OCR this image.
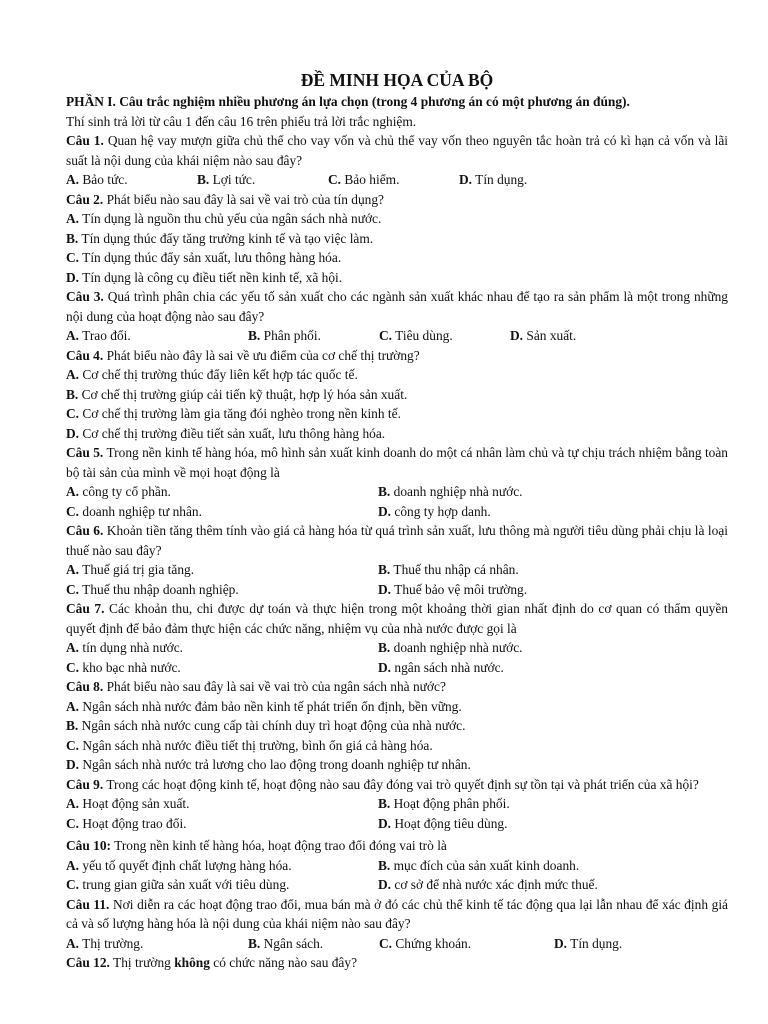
ĐỀ MINH HỌA CỦA BỘ

PHẦN I. Câu trắc nghiệm nhiều phương án lựa chọn (trong 4 phương án có một phương án đúng).

Thí sinh trả lời từ câu 1 đến câu 16 trên phiếu trả lời trắc nghiệm.

Câu 1. Quan hệ vay mượn giữa chủ thể cho vay vốn và chủ thể vay vốn theo nguyên tắc hoàn trả có kì hạn cả vốn và lãi suất là nội dung của khái niệm nào sau đây?

A. Bảo tức.	B. Lợi tức.	C. Bảo hiểm.	D. Tín dụng.

Câu 2. Phát biểu nào sau đây là sai về vai trò của tín dụng?

A. Tín dụng là nguồn thu chủ yếu của ngân sách nhà nước.

B. Tín dụng thúc đẩy tăng trưởng kinh tế và tạo việc làm.

C. Tín dụng thúc đẩy sản xuất, lưu thông hàng hóa.

D. Tín dụng là công cụ điều tiết nền kinh tế, xã hội.

Câu 3. Quá trình phân chia các yếu tố sản xuất cho các ngành sản xuất khác nhau để tạo ra sản phẩm là một trong những nội dung của hoạt động nào sau đây?

A. Trao đổi.	B. Phân phối.	C. Tiêu dùng.	D. Sản xuất.

Câu 4. Phát biểu nào đây là sai về ưu điểm của cơ chế thị trường?

A. Cơ chế thị trường thúc đẩy liên kết hợp tác quốc tế.

B. Cơ chế thị trường giúp cải tiến kỹ thuật, hợp lý hóa sản xuất.

C. Cơ chế thị trường làm gia tăng đói nghèo trong nền kinh tế.

D. Cơ chế thị trường điều tiết sản xuất, lưu thông hàng hóa.

Câu 5. Trong nền kinh tế hàng hóa, mô hình sản xuất kinh doanh do một cá nhân làm chủ và tự chịu trách nhiệm bằng toàn bộ tài sản của mình về mọi hoạt động là

A. công ty cổ phần.	B. doanh nghiệp nhà nước.
C. doanh nghiệp tư nhân.	D. công ty hợp danh.

Câu 6. Khoản tiền tăng thêm tính vào giá cả hàng hóa từ quá trình sản xuất, lưu thông mà người tiêu dùng phải chịu là loại thuế nào sau đây?

A. Thuế giá trị gia tăng.	B. Thuế thu nhập cá nhân.
C. Thuế thu nhập doanh nghiệp.	D. Thuế bảo vệ môi trường.

Câu 7. Các khoản thu, chi được dự toán và thực hiện trong một khoảng thời gian nhất định do cơ quan có thẩm quyền quyết định để bảo đảm thực hiện các chức năng, nhiệm vụ của nhà nước được gọi là

A. tín dụng nhà nước.	B. doanh nghiệp nhà nước.
C. kho bạc nhà nước.	D. ngân sách nhà nước.

Câu 8. Phát biểu nào sau đây là sai về vai trò của ngân sách nhà nước?

A. Ngân sách nhà nước đảm bảo nền kinh tế phát triển ổn định, bền vững.

B. Ngân sách nhà nước cung cấp tài chính duy trì hoạt động của nhà nước.

C. Ngân sách nhà nước điều tiết thị trường, bình ổn giá cả hàng hóa.

D. Ngân sách nhà nước trả lương cho lao động trong doanh nghiệp tư nhân.

Câu 9. Trong các hoạt động kinh tế, hoạt động nào sau đây đóng vai trò quyết định sự tồn tại và phát triển của xã hội?

A. Hoạt động sản xuất.	B. Hoạt động phân phối.
C. Hoạt động trao đổi.	D. Hoạt động tiêu dùng.

Câu 10: Trong nền kinh tế hàng hóa, hoạt động trao đổi đóng vai trò là

A. yếu tố quyết định chất lượng hàng hóa.	B. mục đích của sản xuất kinh doanh.
C. trung gian giữa sản xuất với tiêu dùng.	D. cơ sở để nhà nước xác định mức thuế.

Câu 11. Nơi diễn ra các hoạt động trao đổi, mua bán mà ở đó các chủ thể kinh tế tác động qua lại lẫn nhau để xác định giá cả và số lượng hàng hóa là nội dung của khái niệm nào sau đây?

A. Thị trường.	B. Ngân sách.	C. Chứng khoán.	D. Tín dụng.

Câu 12. Thị trường không có chức năng nào sau đây?
